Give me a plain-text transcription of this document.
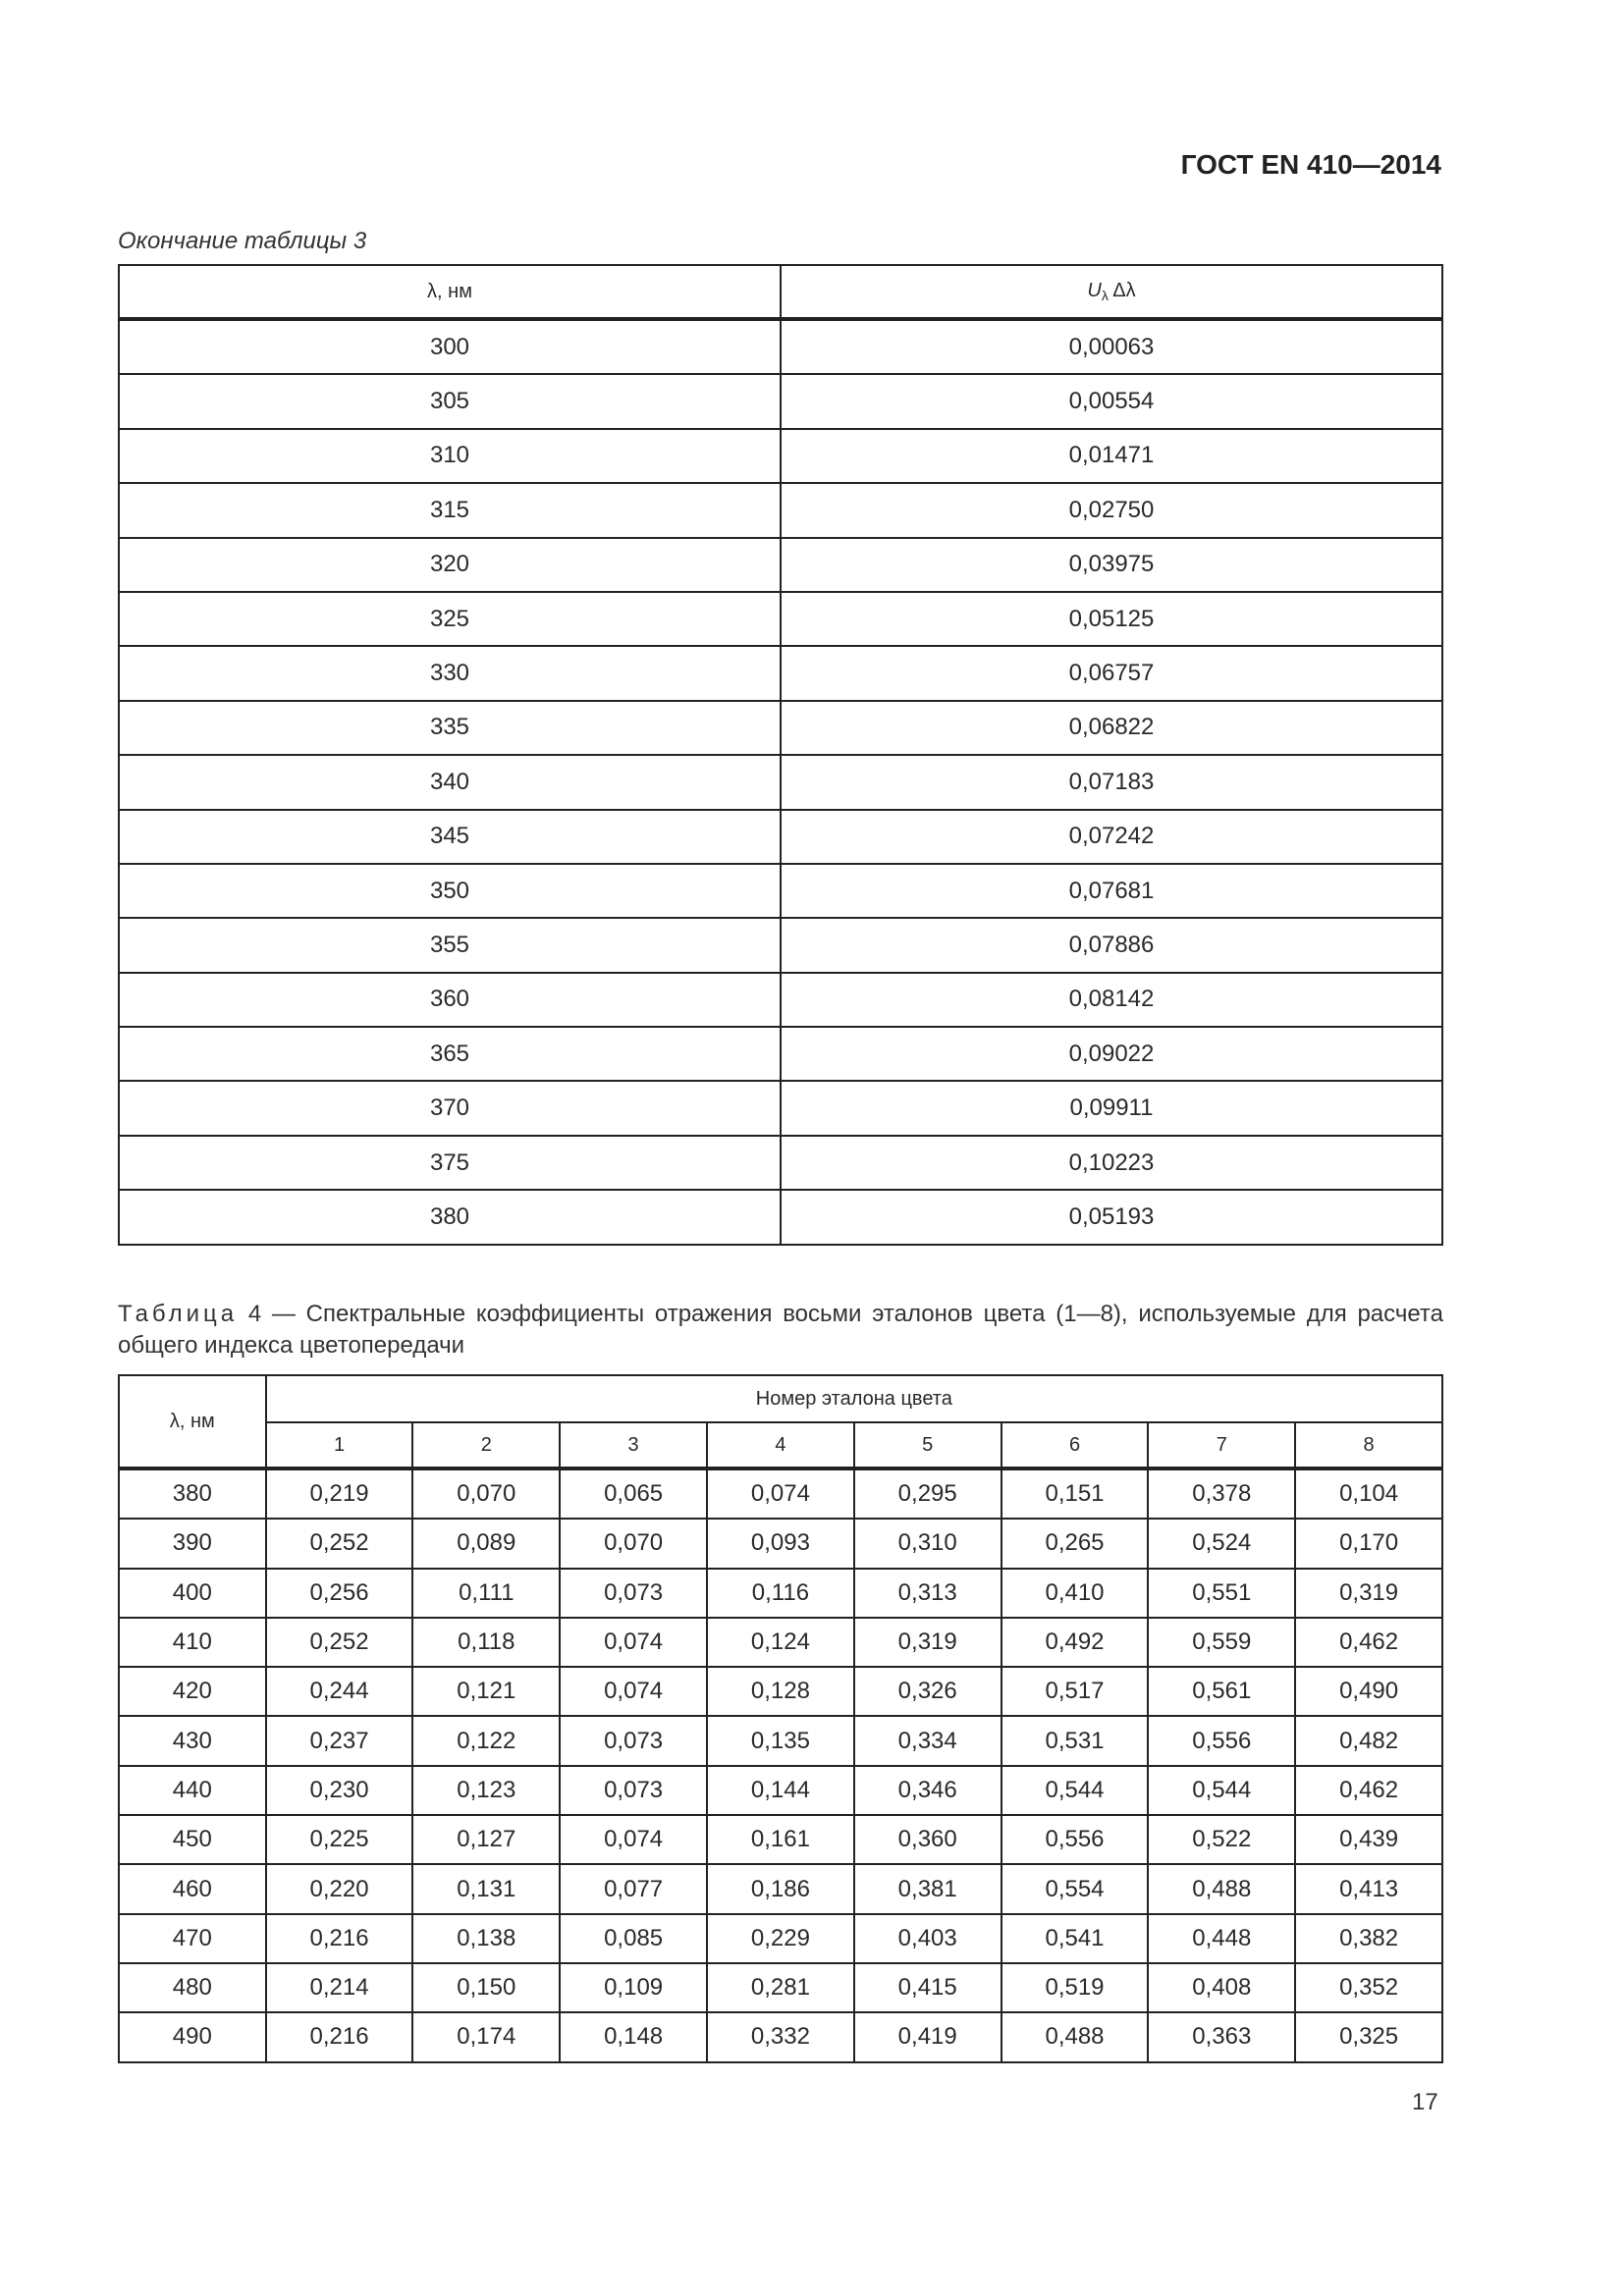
ГОСТ EN 410—2014
Окончание таблицы 3
λ, нм	$U_\lambda$ Δλ
300	0,00063
305	0,00554
310	0,01471
315	0,02750
320	0,03975
325	0,05125
330	0,06757
335	0,06822
340	0,07183
345	0,07242
350	0,07681
355	0,07886
360	0,08142
365	0,09022
370	0,09911
375	0,10223
380	0,05193
Таблица 4 — Спектральные коэффициенты отражения восьми эталонов цвета (1—8), используемые для расчета общего индекса цветопередачи
λ, нм	Номер эталона цвета							
	1	2	3	4	5	6	7	8
380	0,219	0,070	0,065	0,074	0,295	0,151	0,378	0,104
390	0,252	0,089	0,070	0,093	0,310	0,265	0,524	0,170
400	0,256	0,111	0,073	0,116	0,313	0,410	0,551	0,319
410	0,252	0,118	0,074	0,124	0,319	0,492	0,559	0,462
420	0,244	0,121	0,074	0,128	0,326	0,517	0,561	0,490
430	0,237	0,122	0,073	0,135	0,334	0,531	0,556	0,482
440	0,230	0,123	0,073	0,144	0,346	0,544	0,544	0,462
450	0,225	0,127	0,074	0,161	0,360	0,556	0,522	0,439
460	0,220	0,131	0,077	0,186	0,381	0,554	0,488	0,413
470	0,216	0,138	0,085	0,229	0,403	0,541	0,448	0,382
480	0,214	0,150	0,109	0,281	0,415	0,519	0,408	0,352
490	0,216	0,174	0,148	0,332	0,419	0,488	0,363	0,325
17
